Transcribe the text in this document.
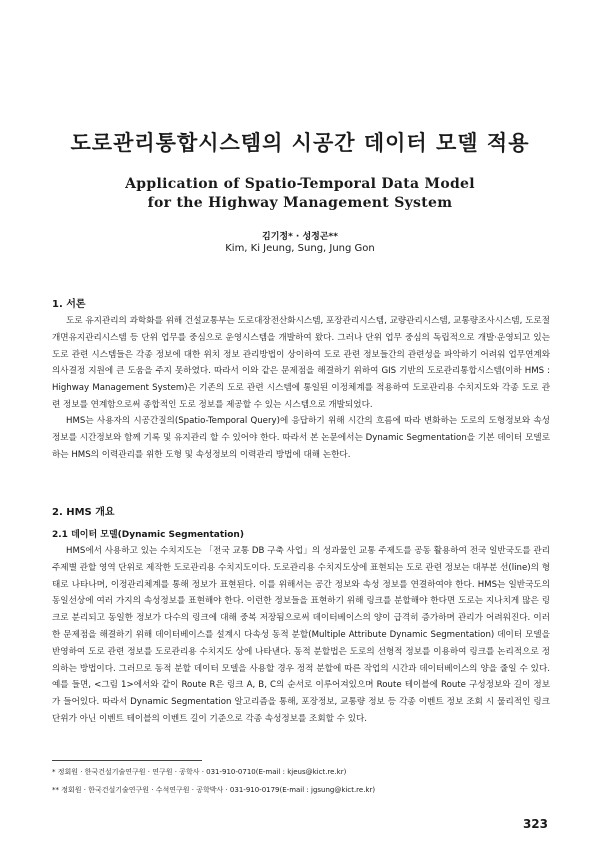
도로관리통합시스템의 시공간 데이터 모델 적용
Application of Spatio-Temporal Data Model
for the Highway Management System
김기정* · 성정곤**
Kim, Ki Jeung, Sung, Jung Gon
1. 서론

도로 유지관리의 과학화를 위해 건설교통부는 도로대장전산화시스템, 포장관리시스템, 교량관리시스템, 교통량조사시스템, 도로절개면유지관리시스템 등 단위 업무를 중심으로 운영시스템을 개발하여 왔다. 그러나 단위 업무 중심의 독립적으로 개발·운영되고 있는 도로 관련 시스템들은 각종 정보에 대한 위치 정보 관리방법이 상이하여 도로 관련 정보들간의 관련성을 파악하기 어려워 업무연계와 의사결정 지원에 큰 도움을 주지 못하였다. 따라서 이와 같은 문제점을 해결하기 위하여 GIS 기반의 도로관리통합시스템(이하 HMS : Highway Management System)은 기존의 도로 관련 시스템에 통일된 이정체계를 적용하여 도로관리용 수치지도와 각종 도로 관련 정보를 연계함으로써 종합적인 도로 정보를 제공할 수 있는 시스템으로 개발되었다.

HMS는 사용자의 시공간질의(Spatio-Temporal Query)에 응답하기 위해 시간의 흐름에 따라 변화하는 도로의 도형정보와 속성정보를 시간정보와 함께 기록 및 유지관리 할 수 있어야 한다. 따라서 본 논문에서는 Dynamic Segmentation을 기본 데이터 모델로 하는 HMS의 이력관리를 위한 도형 및 속성정보의 이력관리 방법에 대해 논한다.

2. HMS 개요
2.1 데이터 모델(Dynamic Segmentation)

HMS에서 사용하고 있는 수치지도는 「전국 교통 DB 구축 사업」의 성과물인 교통 주제도를 공동 활용하여 전국 일반국도를 관리 주제별 관할 영역 단위로 제작한 도로관리용 수치지도이다. 도로관리용 수치지도상에 표현되는 도로 관련 정보는 대부분 선(line)의 형태로 나타나며, 이정관리체계를 통해 정보가 표현된다. 이를 위해서는 공간 정보와 속성 정보를 연결하여야 한다. HMS는 일반국도의 동일선상에 여러 가지의 속성정보를 표현해야 한다. 이런한 정보들을 표현하기 위해 링크를 분할해야 한다면 도로는 지나치게 많은 링크로 분리되고 동일한 정보가 다수의 링크에 대해 중복 저장됨으로써 데이터베이스의 양이 급격히 증가하며 관리가 어려워진다. 이러한 문제점을 해결하기 위해 데이터베이스를 설계시 다속성 동적 분할(Multiple Attribute Dynamic Segmentation) 데이터 모델을 반영하여 도로 관련 정보를 도로관리용 수치지도 상에 나타낸다. 동적 분할법은 도로의 선형적 정보를 이용하여 링크를 논리적으로 정의하는 방법이다. 그러므로 동적 분할 데이터 모델을 사용할 경우 정적 분할에 따른 작업의 시간과 데이터베이스의 양을 줄일 수 있다. 예를 들면, <그림 1>에서와 같이 Route R은 링크 A, B, C의 순서로 이루어져있으며 Route 테이블에 Route 구성정보와 길이 정보가 들어있다. 따라서 Dynamic Segmentation 알고리즘을 통해, 포장정보, 교통량 정보 등 각종 이벤트 정보 조회 시 물리적인 링크단위가 아닌 이벤트 테이블의 이벤트 길이 기준으로 각종 속성정보를 조회할 수 있다.

* 정회원 · 한국건설기술연구원 · 연구원 · 공학사 · 031-910-0710(E-mail : kjeus@kict.re.kr)
** 정회원 · 한국건설기술연구원 · 수석연구원 · 공학박사 · 031-910-0179(E-mail : jgsung@kict.re.kr)
323
